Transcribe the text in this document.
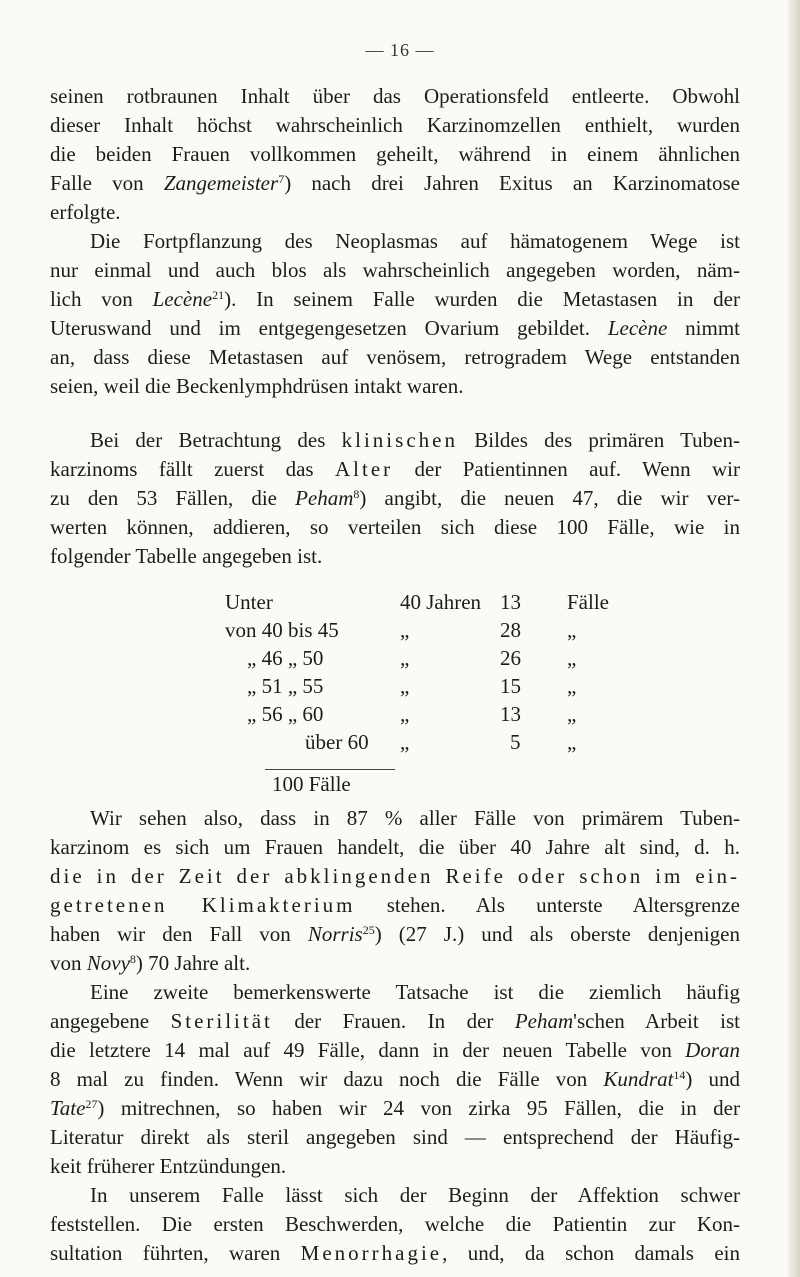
— 16 —

seinen rotbraunen Inhalt über das Operationsfeld entleerte. Obwohl

dieser Inhalt höchst wahrscheinlich Karzinomzellen enthielt, wurden

die beiden Frauen vollkommen geheilt, während in einem ähnlichen

Falle von Zangemeister$^7$) nach drei Jahren Exitus an Karzinomatose

erfolgte.

Die Fortpflanzung des Neoplasmas auf hämatogenem Wege ist

nur einmal und auch blos als wahrscheinlich angegeben worden, näm-

lich von Lecène$^{21}$). In seinem Falle wurden die Metastasen in der

Uteruswand und im entgegengesetzen Ovarium gebildet. Lecène nimmt

an, dass diese Metastasen auf venösem, retrogradem Wege entstanden

seien, weil die Beckenlymphdrüsen intakt waren.

Bei der Betrachtung des klinischen Bildes des primären Tuben-

karzinoms fällt zuerst das Alter der Patientinnen auf. Wenn wir

zu den 53 Fällen, die Peham$^8$) angibt, die neuen 47, die wir ver-

werten können, addieren, so verteilen sich diese 100 Fälle, wie in

folgender Tabelle angegeben ist.

Unter	40 Jahren 13 Fälle
von 40 bis 45	„	28 „
„ 46 „ 50	„	26 „
„ 51 „ 55	„	15 „
„ 56 „ 60	„	13 „
über 60 „	5 „
100 Fälle

Wir sehen also, dass in 87 % aller Fälle von primärem Tuben-

karzinom es sich um Frauen handelt, die über 40 Jahre alt sind, d. h.

die in der Zeit der abklingenden Reife oder schon im ein-

getretenen Klimakterium stehen. Als unterste Altersgrenze

haben wir den Fall von Norris$^{25}$) (27 J.) und als oberste denjenigen

von Novy$^8$) 70 Jahre alt.

Eine zweite bemerkenswerte Tatsache ist die ziemlich häufig

angegebene Sterilität der Frauen. In der Peham'schen Arbeit ist

die letztere 14 mal auf 49 Fälle, dann in der neuen Tabelle von Doran

8 mal zu finden. Wenn wir dazu noch die Fälle von Kundrat$^{14}$) und

Tate$^{27}$) mitrechnen, so haben wir 24 von zirka 95 Fällen, die in der

Literatur direkt als steril angegeben sind — entsprechend der Häufig-

keit früherer Entzündungen.

In unserem Falle lässt sich der Beginn der Affektion schwer

feststellen. Die ersten Beschwerden, welche die Patientin zur Kon-

sultation führten, waren Menorrhagie, und, da schon damals ein
